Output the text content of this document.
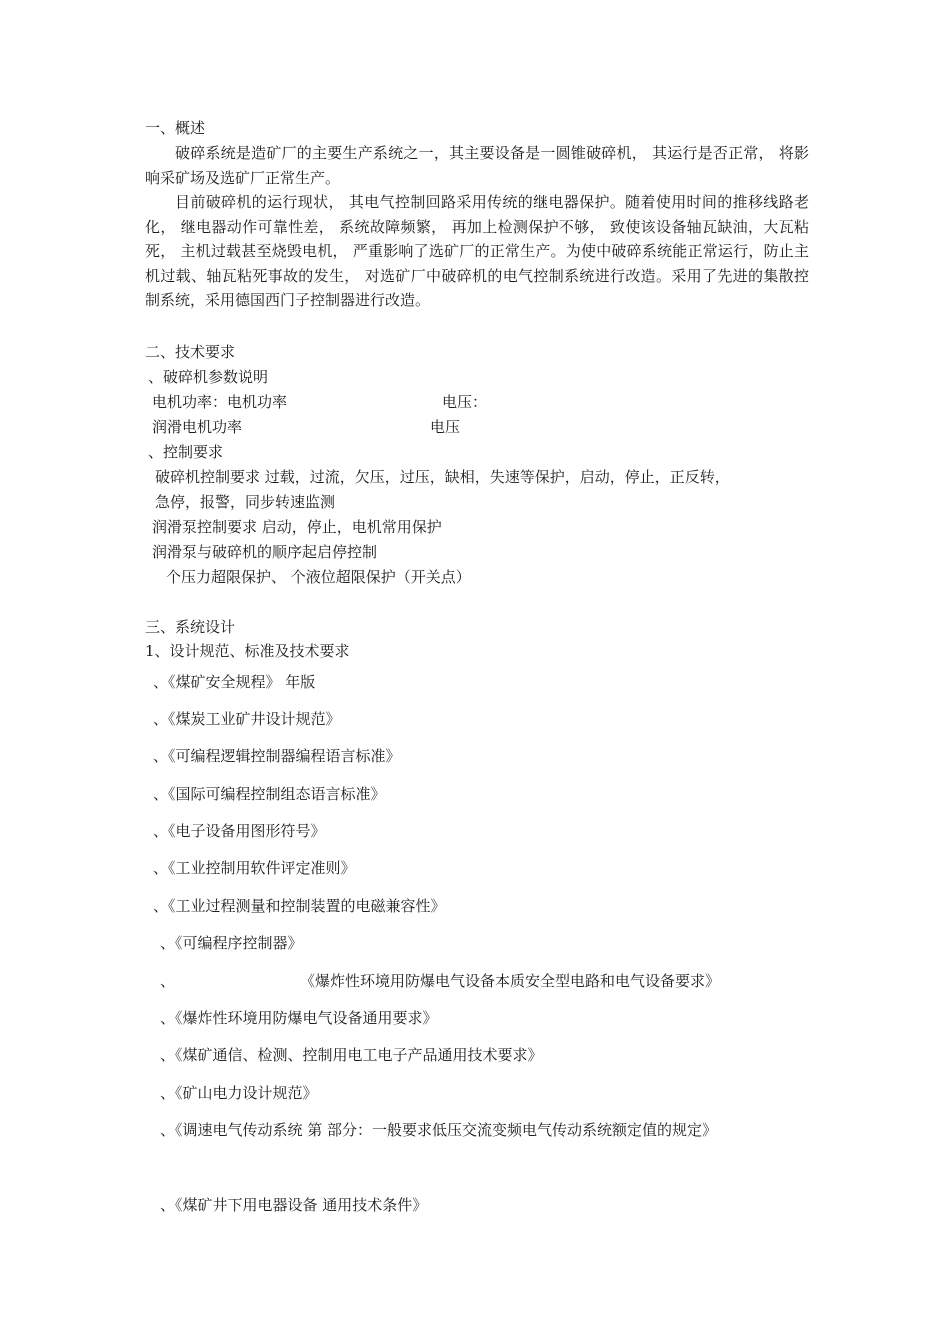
一、概述
破碎系统是造矿厂的主要生产系统之一，其主要设备是一圆锥破碎机， 其运行是否正常， 将影响采矿场及选矿厂正常生产。
目前破碎机的运行现状， 其电气控制回路采用传统的继电器保护。随着使用时间的推移线路老化， 继电器动作可靠性差， 系统故障频繁， 再加上检测保护不够， 致使该设备轴瓦缺油，大瓦粘死， 主机过载甚至烧毁电机， 严重影响了选矿厂的正常生产。为使中破碎系统能正常运行，防止主机过载、轴瓦粘死事故的发生， 对选矿厂中破碎机的电气控制系统进行改造。采用了先进的集散控制系统，采用德国西门子控制器进行改造。
二、技术要求
、破碎机参数说明
电机功率：电机功率	电压：
润滑电机功率	电压
、控制要求
破碎机控制要求 过载，过流，欠压，过压，缺相，失速等保护，启动，停止，正反转，
急停，报警，同步转速监测
润滑泵控制要求 启动，停止，电机常用保护
润滑泵与破碎机的顺序起启停控制
个压力超限保护、 个液位超限保护（开关点）
三、系统设计
1、设计规范、标准及技术要求
、《煤矿安全规程》 年版
、《煤炭工业矿井设计规范》
、《可编程逻辑控制器编程语言标准》
、《国际可编程控制组态语言标准》
、《电子设备用图形符号》
、《工业控制用软件评定准则》
、《工业过程测量和控制装置的电磁兼容性》
、《可编程序控制器》
、	《爆炸性环境用防爆电气设备本质安全型电路和电气设备要求》
、《爆炸性环境用防爆电气设备通用要求》
、《煤矿通信、检测、控制用电工电子产品通用技术要求》
、《矿山电力设计规范》
、《调速电气传动系统 第 部分：一般要求低压交流变频电气传动系统额定值的规定》
、《煤矿井下用电器设备 通用技术条件》
